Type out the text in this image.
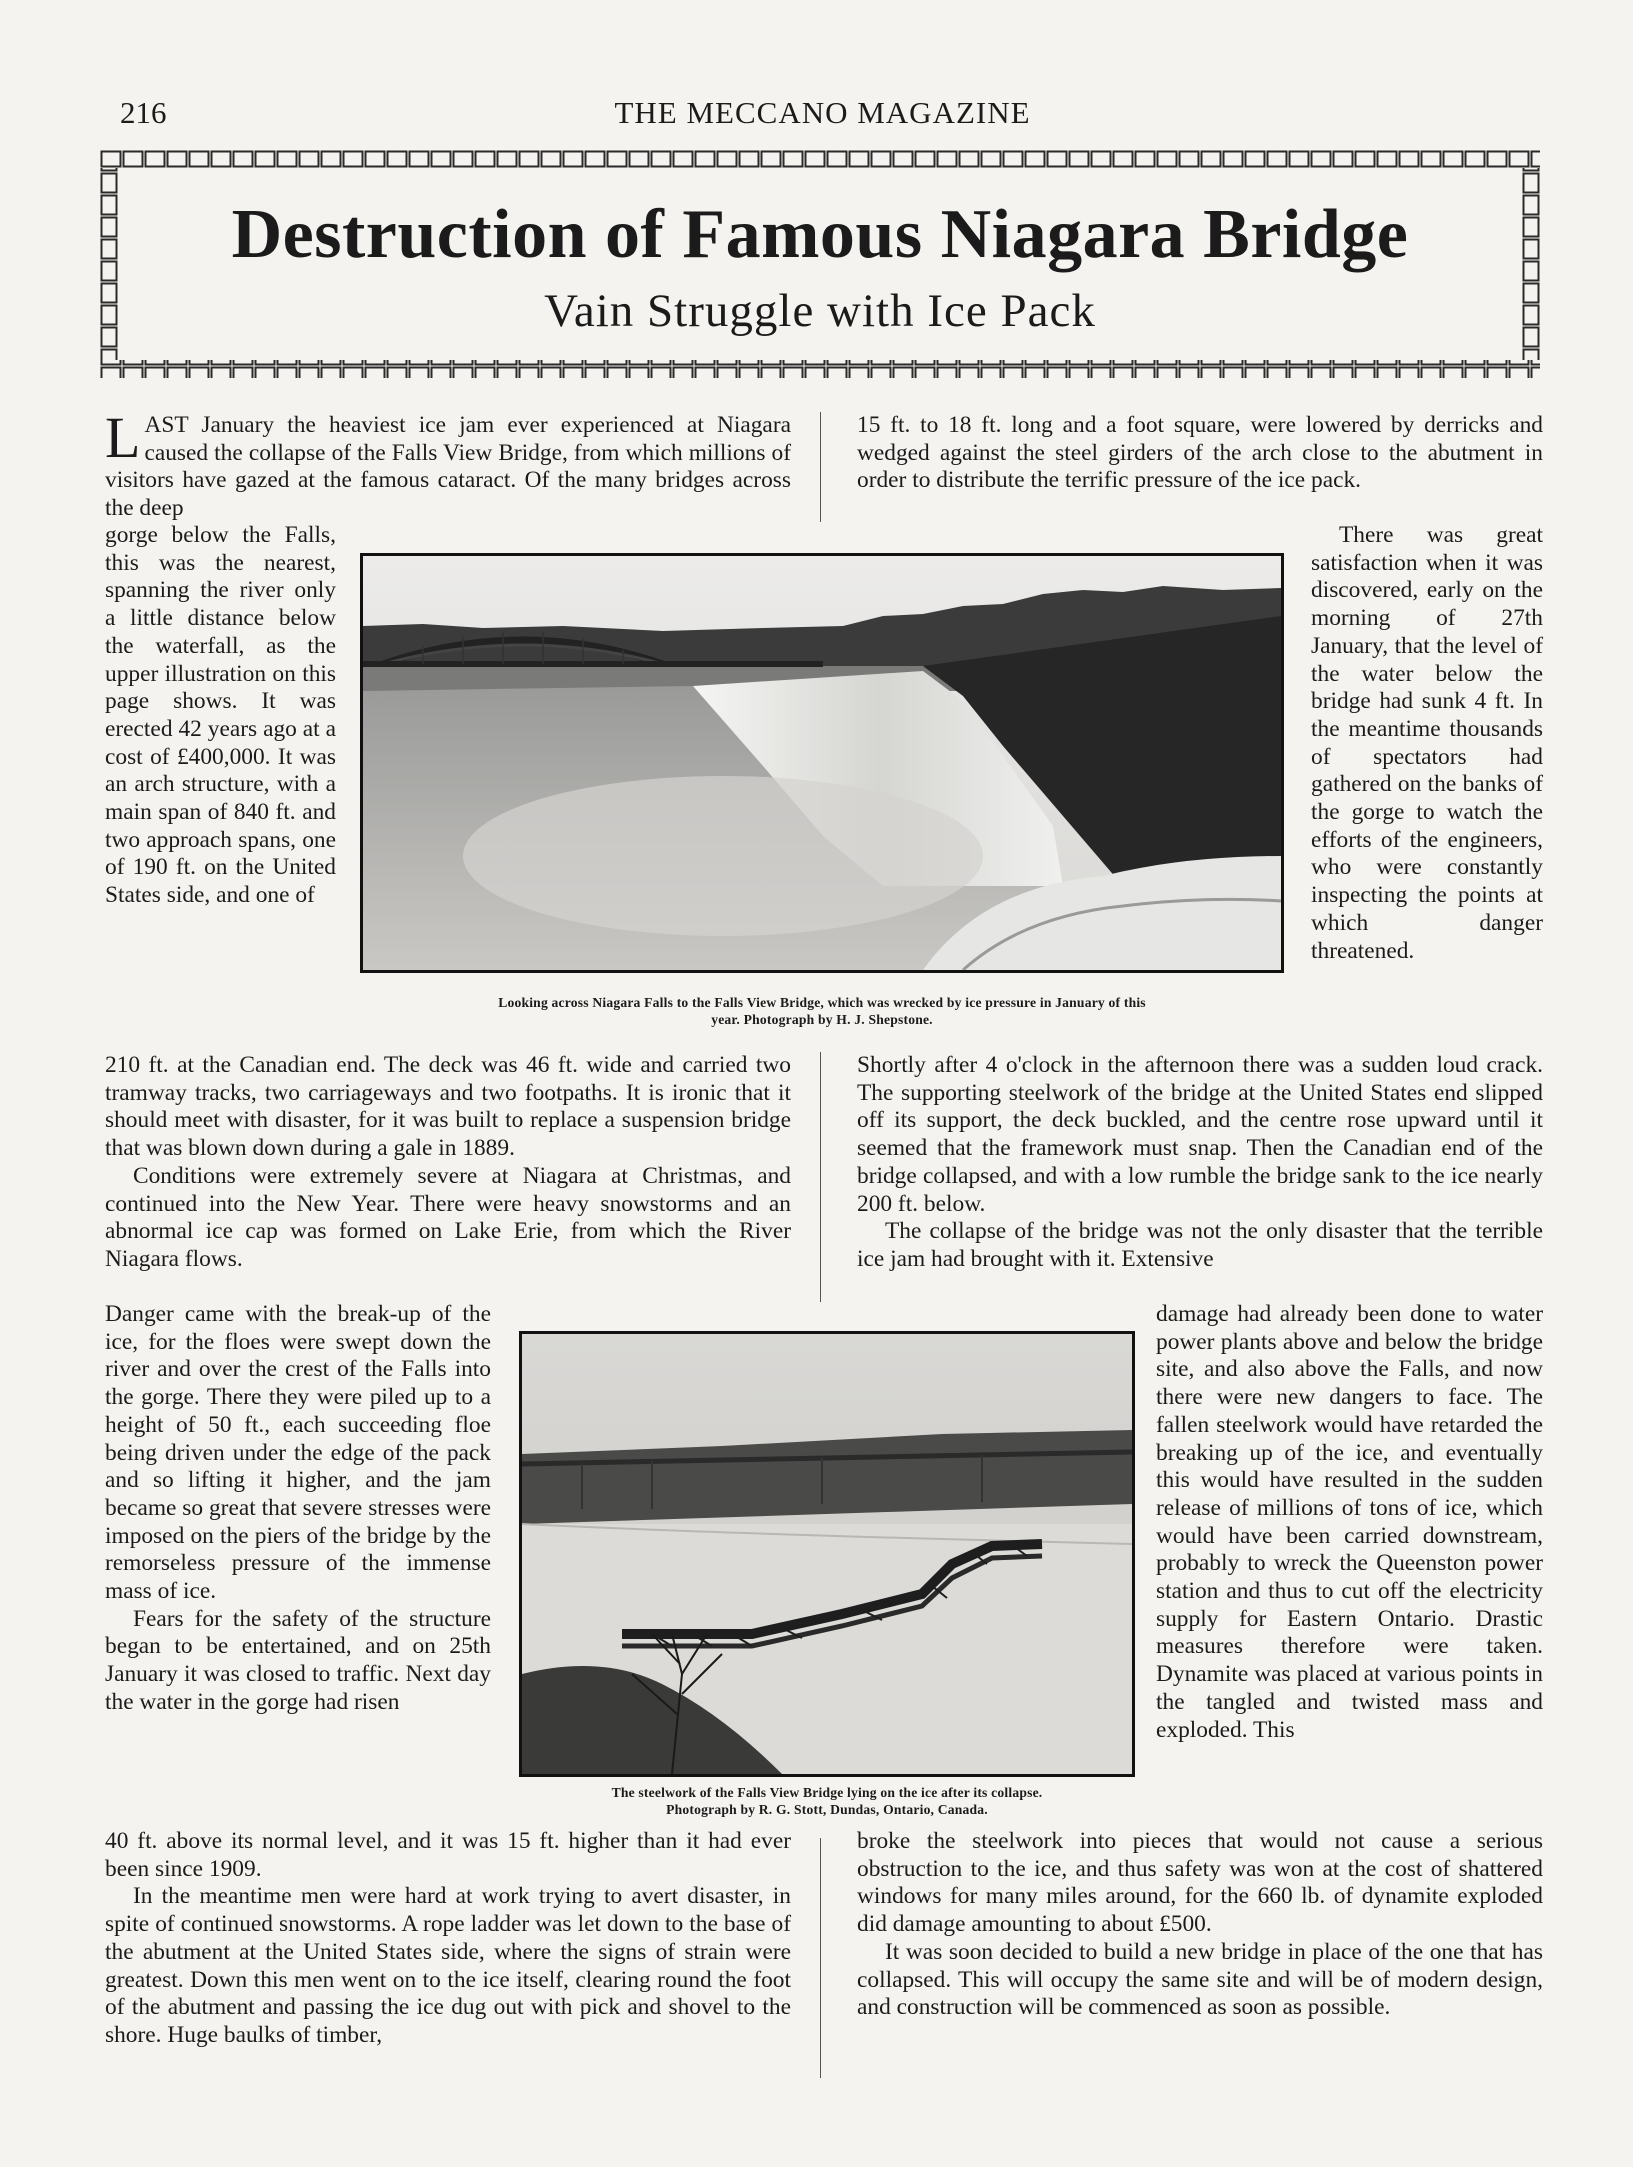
216	THE MECCANO MAGAZINE
Destruction of Famous Niagara Bridge
Vain Struggle with Ice Pack

LAST January the heaviest ice jam ever experienced at Niagara caused the collapse of the Falls View Bridge, from which millions of visitors have gazed at the famous cataract. Of the many bridges across the deep

gorge below the Falls, this was the nearest, spanning the river only a little distance below the waterfall, as the upper illustration on this page shows. It was erected 42 years ago at a cost of £400,000. It was an arch structure, with a main span of 840 ft. and two approach spans, one of 190 ft. on the United States side, and one of

210 ft. at the Canadian end. The deck was 46 ft. wide and carried two tramway tracks, two carriageways and two footpaths. It is ironic that it should meet with disaster, for it was built to replace a suspension bridge that was blown down during a gale in 1889.

Conditions were extremely severe at Niagara at Christmas, and continued into the New Year. There were heavy snowstorms and an abnormal ice cap was formed on Lake Erie, from which the River Niagara flows.

Danger came with the break-up of the ice, for the floes were swept down the river and over the crest of the Falls into the gorge. There they were piled up to a height of 50 ft., each succeeding floe being driven under the edge of the pack and so lifting it higher, and the jam became so great that severe stresses were imposed on the piers of the bridge by the remorseless pressure of the immense mass of ice.

Fears for the safety of the structure began to be entertained, and on 25th January it was closed to traffic. Next day the water in the gorge had risen

40 ft. above its normal level, and it was 15 ft. higher than it had ever been since 1909.

In the meantime men were hard at work trying to avert disaster, in spite of continued snowstorms. A rope ladder was let down to the base of the abutment at the United States side, where the signs of strain were greatest. Down this men went on to the ice itself, clearing round the foot of the abutment and passing the ice dug out with pick and shovel to the shore. Huge baulks of timber,

15 ft. to 18 ft. long and a foot square, were lowered by derricks and wedged against the steel girders of the arch close to the abutment in order to distribute the terrific pressure of the ice pack.

There was great satisfaction when it was discovered, early on the morning of 27th January, that the level of the water below the bridge had sunk 4 ft. In the meantime thousands of spectators had gathered on the banks of the gorge to watch the efforts of the engineers, who were constantly inspecting the points at which danger threatened.

Shortly after 4 o'clock in the afternoon there was a sudden loud crack. The supporting steelwork of the bridge at the United States end slipped off its support, the deck buckled, and the centre rose upward until it seemed that the framework must snap. Then the Canadian end of the bridge collapsed, and with a low rumble the bridge sank to the ice nearly 200 ft. below.

The collapse of the bridge was not the only disaster that the terrible ice jam had brought with it. Extensive

damage had already been done to water power plants above and below the bridge site, and also above the Falls, and now there were new dangers to face. The fallen steelwork would have retarded the breaking up of the ice, and eventually this would have resulted in the sudden release of millions of tons of ice, which would have been carried downstream, probably to wreck the Queenston power station and thus to cut off the electricity supply for Eastern Ontario. Drastic measures therefore were taken. Dynamite was placed at various points in the tangled and twisted mass and exploded. This

broke the steelwork into pieces that would not cause a serious obstruction to the ice, and thus safety was won at the cost of shattered windows for many miles around, for the 660 lb. of dynamite exploded did damage amounting to about £500.

It was soon decided to build a new bridge in place of the one that has collapsed. This will occupy the same site and will be of modern design, and construction will be commenced as soon as possible.

Looking across Niagara Falls to the Falls View Bridge, which was wrecked by ice pressure in January of this
year. Photograph by H. J. Shepstone.
The steelwork of the Falls View Bridge lying on the ice after its collapse.
Photograph by R. G. Stott, Dundas, Ontario, Canada.
